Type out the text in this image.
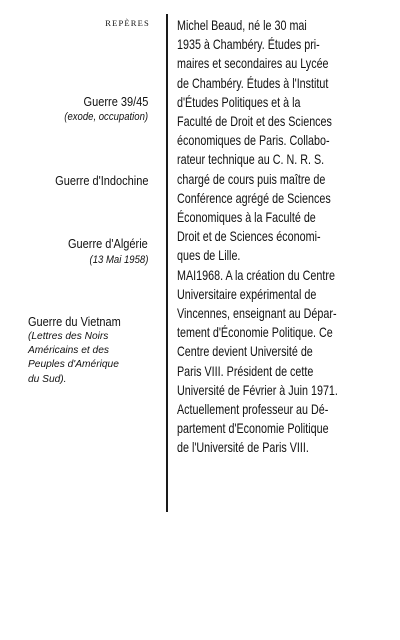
REPÈRES
Guerre 39/45
(exode, occupation)
Guerre d'Indochine
Guerre d'Algérie
(13 Mai 1958)
Guerre du Vietnam
(Lettres des Noirs
Américains et des
Peuples d'Amérique
du Sud).
Michel Beaud, né le 30 mai
1935 à Chambéry. Études pri-
maires et secondaires au Lycée
de Chambéry. Études à l'Institut
d'Études Politiques et à la
Faculté de Droit et des Sciences
économiques de Paris. Collabo-
rateur technique au C. N. R. S.
chargé de cours puis maître de
Conférence agrégé de Sciences
Économiques à la Faculté de
Droit et de Sciences économi-
ques de Lille.
MAI1968. A la création du Centre
Universitaire expérimental de
Vincennes, enseignant au Dépar-
tement d'Économie Politique. Ce
Centre devient Université de
Paris VIII. Président de cette
Université de Février à Juin 1971.
Actuellement professeur au Dé-
partement d'Economie Politique
de l'Université de Paris VIII.
